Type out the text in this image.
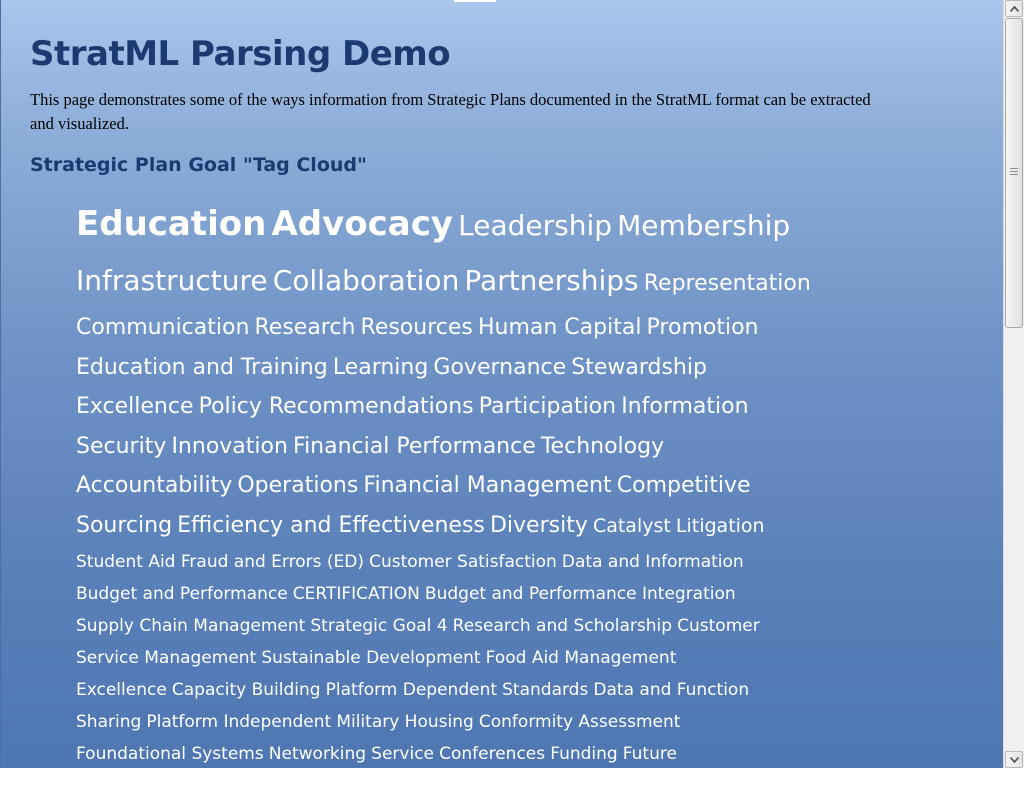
StratML Parsing Demo
This page demonstrates some of the ways information from Strategic Plans documented in the StratML format can be extracted and visualized.
Strategic Plan Goal "Tag Cloud"
Education Advocacy Leadership Membership
Infrastructure Collaboration Partnerships Representation
Communication Research Resources Human Capital Promotion
Education and Training Learning Governance Stewardship
Excellence Policy Recommendations Participation Information
Security Innovation Financial Performance Technology
Accountability Operations Financial Management Competitive
Sourcing Efficiency and Effectiveness Diversity Catalyst Litigation
Student Aid Fraud and Errors (ED) Customer Satisfaction Data and Information
Budget and Performance CERTIFICATION Budget and Performance Integration
Supply Chain Management Strategic Goal 4 Research and Scholarship Customer
Service Management Sustainable Development Food Aid Management
Excellence Capacity Building Platform Dependent Standards Data and Function
Sharing Platform Independent Military Housing Conformity Assessment
Foundational Systems Networking Service Conferences Funding Future
Environment Organizational Management Standardization Cost Savings
